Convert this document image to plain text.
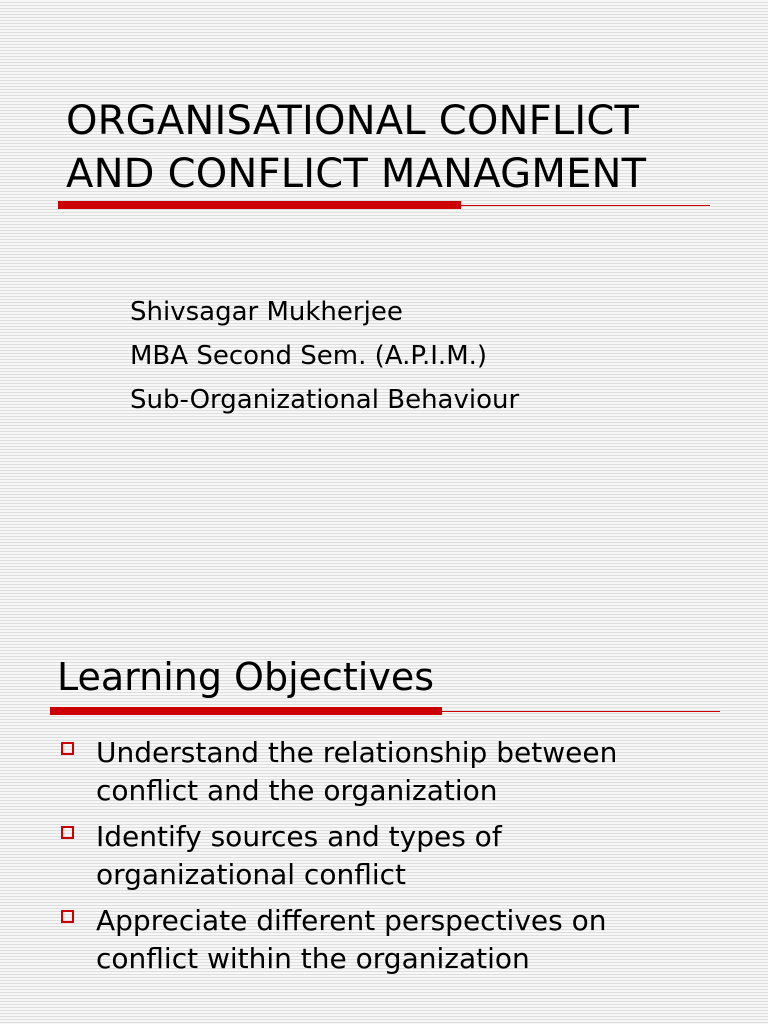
ORGANISATIONAL CONFLICT
AND CONFLICT MANAGMENT
Shivsagar Mukherjee
MBA Second Sem. (A.P.I.M.)
Sub-Organizational Behaviour
Learning Objectives
Understand the relationship between
conflict and the organization
Identify sources and types of
organizational conflict
Appreciate different perspectives on
conflict within the organization
